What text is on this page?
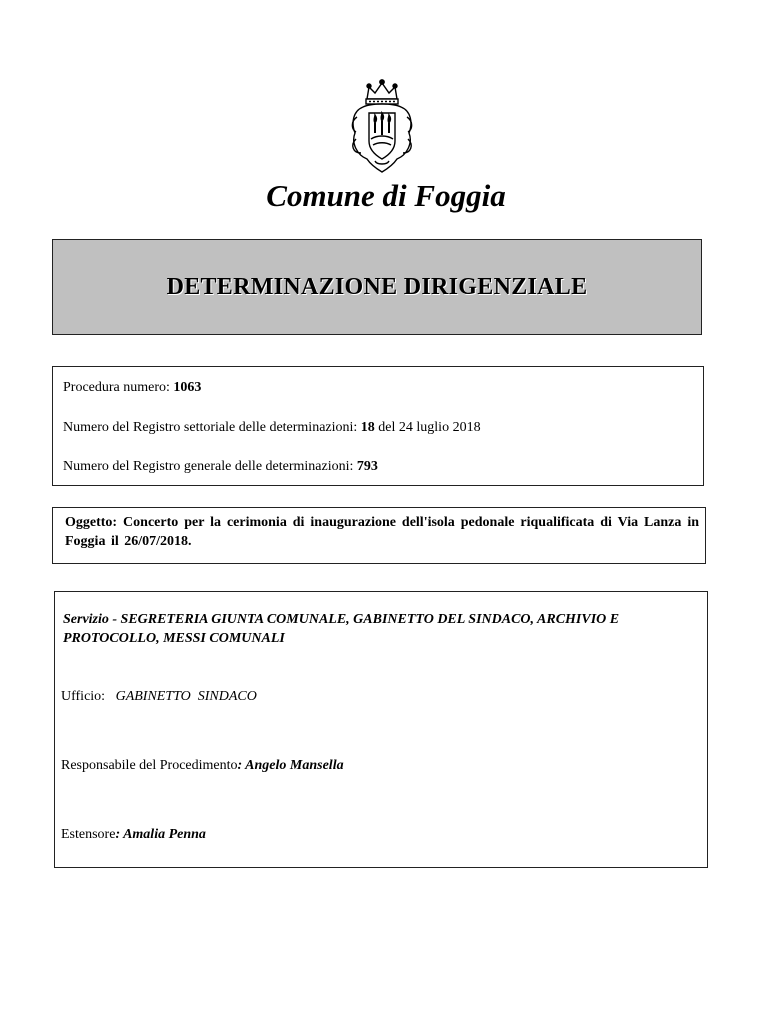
Comune di Foggia
DETERMINAZIONE DIRIGENZIALE
Procedura numero: 1063
Numero del Registro settoriale delle determinazioni: 18 del 24 luglio 2018
Numero del Registro generale delle determinazioni: 793
Oggetto: Concerto per la cerimonia di inaugurazione dell'isola pedonale riqualificata di Via Lanza in Foggia il 26/07/2018.
Servizio - SEGRETERIA GIUNTA COMUNALE, GABINETTO DEL SINDACO, ARCHIVIO E PROTOCOLLO, MESSI COMUNALI
Ufficio: GABINETTO  SINDACO
Responsabile del Procedimento: Angelo Mansella
Estensore: Amalia Penna
